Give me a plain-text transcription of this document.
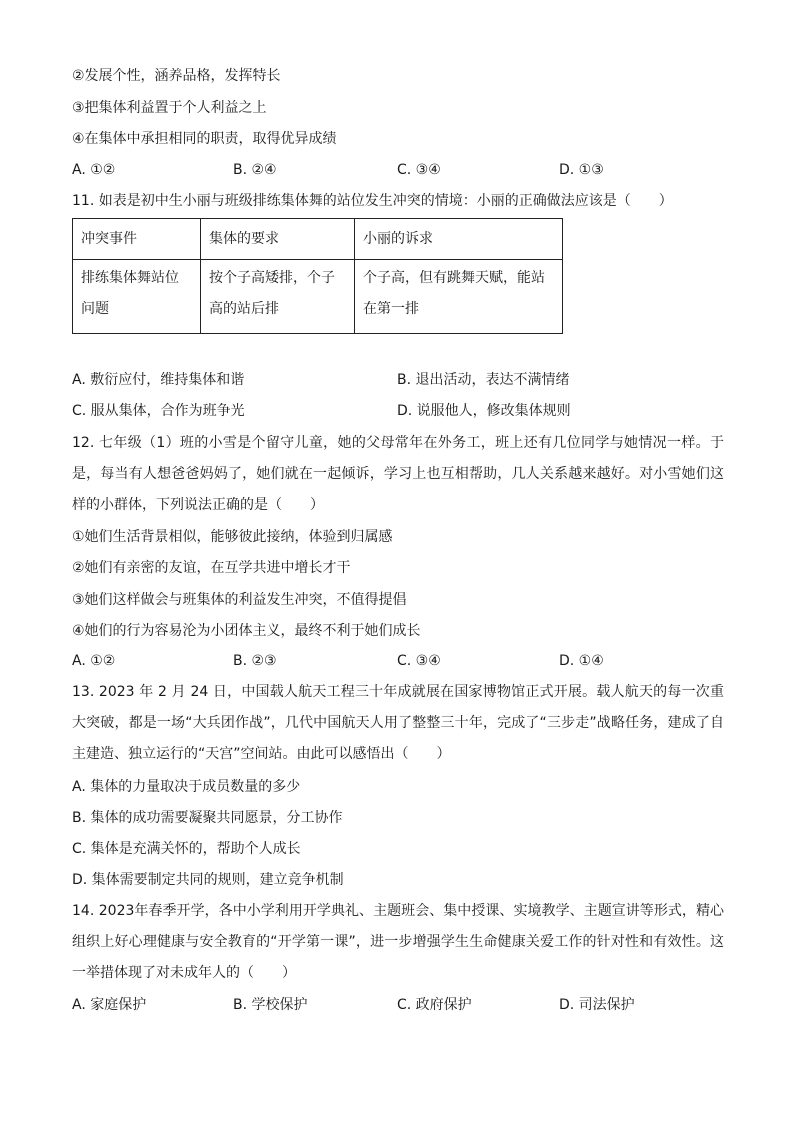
②发展个性，涵养品格，发挥特长
③把集体利益置于个人利益之上
④在集体中承担相同的职责，取得优异成绩
A. ①②	B. ②④	C. ③④	D. ①③
11. 如表是初中生小丽与班级排练集体舞的站位发生冲突的情境：小丽的正确做法应该是（　　）
冲突事件	集体的要求	小丽的诉求
排练集体舞站位问题	按个子高矮排，个子高的站后排	个子高，但有跳舞天赋，能站在第一排
A. 敷衍应付，维持集体和谐	B. 退出活动，表达不满情绪
C. 服从集体，合作为班争光	D. 说服他人，修改集体规则
12. 七年级（1）班的小雪是个留守儿童，她的父母常年在外务工，班上还有几位同学与她情况一样。于是，每当有人想爸爸妈妈了，她们就在一起倾诉，学习上也互相帮助，几人关系越来越好。对小雪她们这样的小群体，下列说法正确的是（　　）
①她们生活背景相似，能够彼此接纳，体验到归属感
②她们有亲密的友谊，在互学共进中增长才干
③她们这样做会与班集体的利益发生冲突，不值得提倡
④她们的行为容易沦为小团体主义，最终不利于她们成长
A. ①②	B. ②③	C. ③④	D. ①④
13. 2023 年 2 月 24 日，中国载人航天工程三十年成就展在国家博物馆正式开展。载人航天的每一次重大突破，都是一场“大兵团作战”，几代中国航天人用了整整三十年，完成了“三步走”战略任务，建成了自主建造、独立运行的“天宫”空间站。由此可以感悟出（　　）
A. 集体的力量取决于成员数量的多少
B. 集体的成功需要凝聚共同愿景，分工协作
C. 集体是充满关怀的，帮助个人成长
D. 集体需要制定共同的规则，建立竞争机制
14. 2023年春季开学，各中小学利用开学典礼、主题班会、集中授课、实境教学、主题宣讲等形式，精心组织上好心理健康与安全教育的“开学第一课”，进一步增强学生生命健康关爱工作的针对性和有效性。这一举措体现了对未成年人的（　　）
A. 家庭保护	B. 学校保护	C. 政府保护	D. 司法保护
